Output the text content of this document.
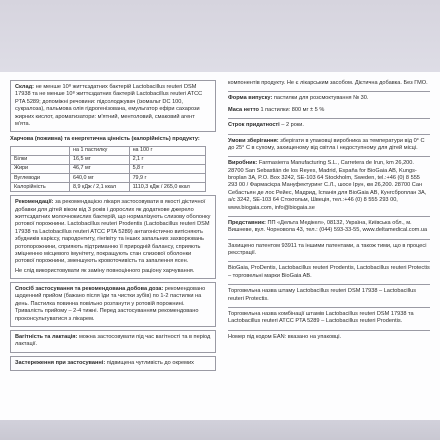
Склад: не менше 10⁸ життєздатних бактерій Lactobacillus reuteri DSM 17938 та не менше 10⁸ життєздатних бактерій Lactobacillus reuteri ATCC PTA 5289; допоміжні речовини: підсолоджувач (ізомальт DC 100, сукралоза), пальмова олія гідрогенізована, емульгатор ефіри сахарози жирних кислот, ароматизатори: м'ятний, ментоловий, смаковий агент м'ята.
Харчова (поживна) та енергетична цінність (калорійність) продукту:
	на 1 пастилку	на 100 г
Білки	16,5 мг	2,1 г
Жири	46,7 мг	5,8 г
Вуглеводи	640,0 мг	79,9 г
Калорійність	8,9 кДж / 2,1 ккал	1110,3 кДж / 265,0 ккал

Рекомендації: за рекомендацією лікаря застосовувати в якості дієтичної добавки для дітей віком від 3 років і дорослих як додаткове джерело життєздатних молочнокислих бактерій, що нормалізують слизову оболонку ротової порожнини. Lactobacillus reuteri Prodentis (Lactobacillus reuteri DSM 17938 та Lactobacillus reuteri ATCC PTA 5289) антагоністично витісняють збудників карієсу, пародонтиту, гінгівіту та інших запальних захворювань ротопорожнини, сприяють підтриманню її природній балансу, сприяють зміцненню місцевого імунітету, покращують стан слизової оболонки ротової порожнини, зменшують кровоточивість та запалення ясен.

Не слід використовувати як заміну повноцінного раціону харчування.

Спосіб застосування та рекомендована добова доза: рекомендовано щоденний прийом (бажано після їди та чистки зубів) по 1-2 пастилки на день. Пастилка повинна повільно розтанути у ротовій порожнині. Тривалість прийому – 2-4 тижні. Перед застосуванням рекомендовано проконсультуватися з лікарем.
Вагітність та лактація: можна застосовувати під час вагітності та в період лактації.
Застереження при застосуванні: підвищена чутливість до окремих

компонентів продукту. Не є лікарським засобом. Дієтична добавка. Без ГМО.

Форма випуску: пастилки для розсмоктування № 30.

Маса нетто 1 пастилки: 800 мг ± 5 %

Строк придатності – 2 роки.

Умови зберігання: зберігати в упаковці виробника за температури від 0° С до 25° С в сухому, захищеному від світла і недоступному для дітей місці.

Виробник: Farmasierra Manufacturing S.L., Carretera de Irun, km 26,200. 28700 San Sebastián de los Reyes, Madrid, Espaňa for BioGaia AB, Kungs-broplan 3A, P.O. Box 3242, SE-103 64 Stockholm, Sweden, tel.:+46 (0) 8 555 293 00 / Фармасієра Мануфектуринг С.Л., шосе Ірун, км 26,200. 28700 Сан Себастьян де лос Рейес, Мадрид, Іспанія для BioGaia AB, Кунгсброплан 3A, а/с 3242, SE-103 64 Стокгольм, Швеція, тел.:+46 (0) 8 555 293 00, www.biogaia.com, info@biogaia.se

Представник: ПП «Дельта Медікел», 08132, Україна, Київська обл., м. Вишневе, вул. Чорновола 43, тел.: (044) 593-33-55, www.deltamedical.com.ua

Захищено патентом 93911 та іншими патентами, а також тими, що в процесі реєстрації.

BioGaia, ProDentis, Lactobacillus reuteri Prodentis, Lactobacillus reuteri Protectis – торговельні марки BioGaia AB.

Торговельна назва штаму Lactobacillus reuteri DSM 17938 – Lactobacillus reuteri Protectis.

Торговельна назва комбінації штамів Lactobacillus reuteri DSM 17938 та Lactobacillus reuteri ATCC PTA 5289 – Lactobacillus reuteri Prodentis.

Номер під кодом EAN: вказано на упаковці.
